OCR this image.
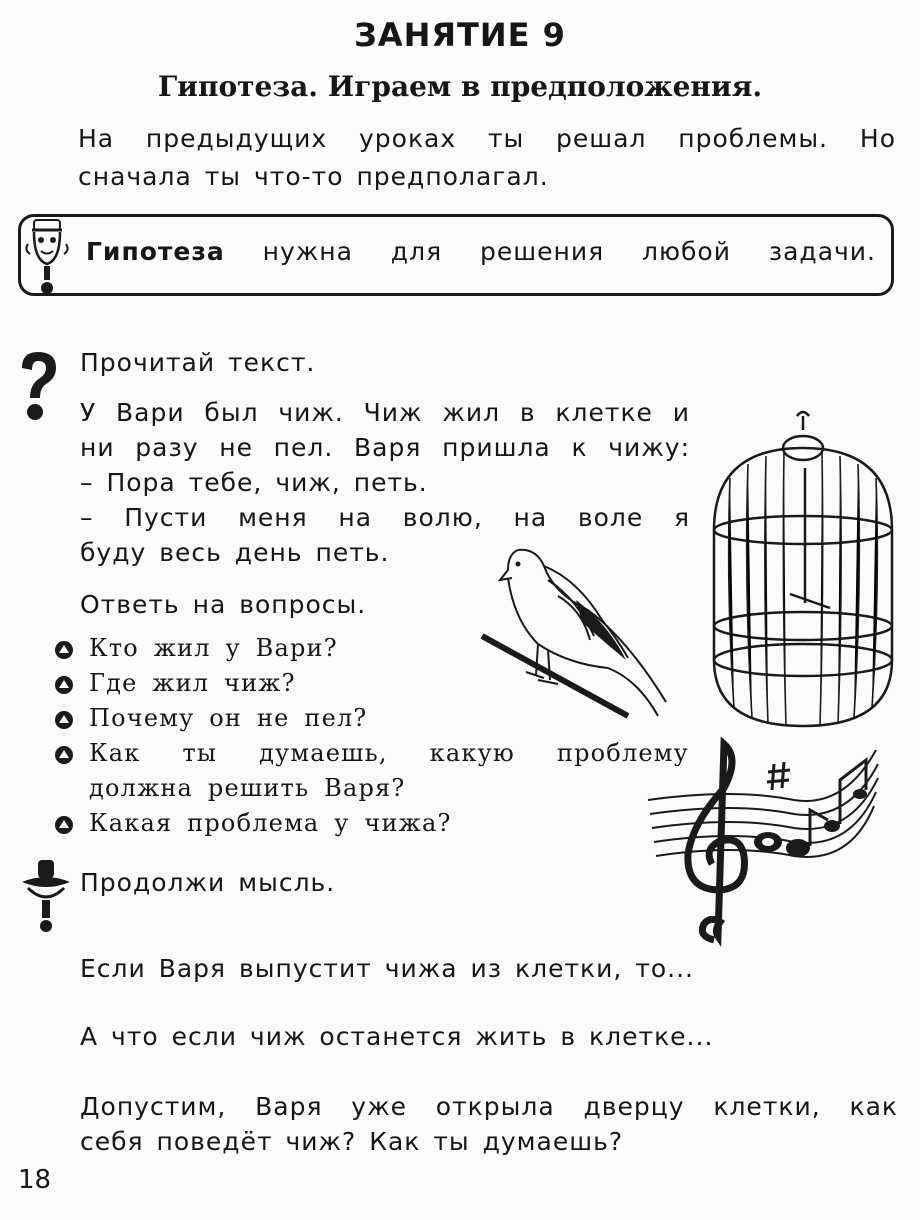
ЗАНЯТИЕ 9
Гипотеза. Играем в предположения.
На предыдущих уроках ты решал проблемы. Но
сначала ты что-то предполагал.
Гипотеза нужна для решения любой задачи.
Прочитай текст.
У Вари был чиж. Чиж жил в клетке и
ни разу не пел. Варя пришла к чижу:
– Пора тебе, чиж, петь.
– Пусти меня на волю, на воле я
буду весь день петь.
Ответь на вопросы.
Кто жил у Вари?
Где жил чиж?
Почему он не пел?
Как ты думаешь, какую проблему
должна решить Варя?
Какая проблема у чижа?
Продолжи мысль.
Если Варя выпустит чижа из клетки, то...
А что если чиж останется жить в клетке...
Допустим, Варя уже открыла дверцу клетки, как
себя поведёт чиж? Как ты думаешь?
18
